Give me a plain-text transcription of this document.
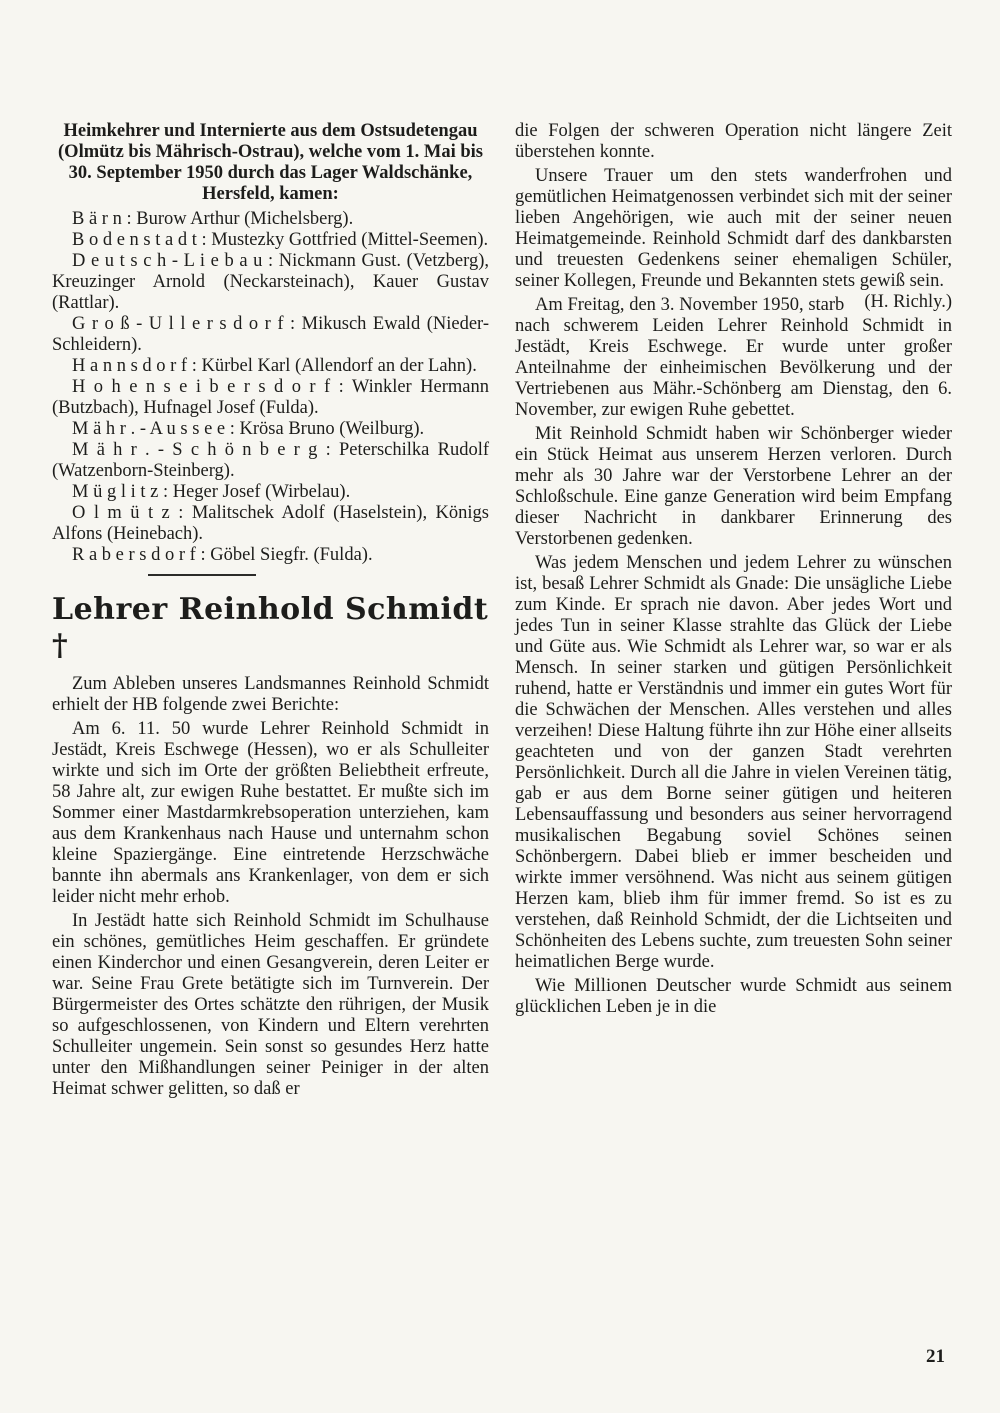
Heimkehrer und Internierte aus dem Ostsudetengau (Olmütz bis Mährisch-Ostrau), welche vom 1. Mai bis 30. September 1950 durch das Lager Waldschänke, Hersfeld, kamen:

B ä r n : Burow Arthur (Michelsberg).

B o d e n s t a d t : Mustezky Gottfried (Mittel-Seemen).

D e u t s c h - L i e b a u : Nickmann Gust. (Vetzberg), Kreuzinger Arnold (Neckarsteinach), Kauer Gustav (Rattlar).

G r o ß - U l l e r s d o r f : Mikusch Ewald (Nieder-Schleidern).

H a n n s d o r f : Kürbel Karl (Allendorf an der Lahn).

H o h e n s e i b e r s d o r f : Winkler Hermann (Butzbach), Hufnagel Josef (Fulda).

M ä h r . - A u s s e e : Krösa Bruno (Weilburg).

M ä h r . - S c h ö n b e r g : Peterschilka Rudolf (Watzenborn-Steinberg).

M ü g l i t z : Heger Josef (Wirbelau).

O l m ü t z : Malitschek Adolf (Haselstein), Königs Alfons (Heinebach).

R a b e r s d o r f : Göbel Siegfr. (Fulda).

Lehrer Reinhold Schmidt †

Zum Ableben unseres Landsmannes Reinhold Schmidt erhielt der HB folgende zwei Berichte:

Am 6. 11. 50 wurde Lehrer Reinhold Schmidt in Jestädt, Kreis Eschwege (Hessen), wo er als Schulleiter wirkte und sich im Orte der größten Beliebtheit erfreute, 58 Jahre alt, zur ewigen Ruhe bestattet. Er mußte sich im Sommer einer Mastdarmkrebsoperation unterziehen, kam aus dem Krankenhaus nach Hause und unternahm schon kleine Spaziergänge. Eine eintretende Herzschwäche bannte ihn abermals ans Krankenlager, von dem er sich leider nicht mehr erhob.

In Jestädt hatte sich Reinhold Schmidt im Schulhause ein schönes, gemütliches Heim geschaffen. Er gründete einen Kinderchor und einen Gesangverein, deren Leiter er war. Seine Frau Grete betätigte sich im Turnverein. Der Bürgermeister des Ortes schätzte den rührigen, der Musik so aufgeschlossenen, von Kindern und Eltern verehrten Schulleiter ungemein. Sein sonst so gesundes Herz hatte unter den Mißhandlungen seiner Peiniger in der alten Heimat schwer gelitten, so daß er

die Folgen der schweren Operation nicht längere Zeit überstehen konnte.

Unsere Trauer um den stets wanderfrohen und gemütlichen Heimatgenossen verbindet sich mit der seiner lieben Angehörigen, wie auch mit der seiner neuen Heimatgemeinde. Reinhold Schmidt darf des dankbarsten und treuesten Gedenkens seiner ehemaligen Schüler, seiner Kollegen, Freunde und Bekannten stets gewiß sein.
(H. Richly.)

Am Freitag, den 3. November 1950, starb nach schwerem Leiden Lehrer Reinhold Schmidt in Jestädt, Kreis Eschwege. Er wurde unter großer Anteilnahme der einheimischen Bevölkerung und der Vertriebenen aus Mähr.-Schönberg am Dienstag, den 6. November, zur ewigen Ruhe gebettet.

Mit Reinhold Schmidt haben wir Schönberger wieder ein Stück Heimat aus unserem Herzen verloren. Durch mehr als 30 Jahre war der Verstorbene Lehrer an der Schloßschule. Eine ganze Generation wird beim Empfang dieser Nachricht in dankbarer Erinnerung des Verstorbenen gedenken.

Was jedem Menschen und jedem Lehrer zu wünschen ist, besaß Lehrer Schmidt als Gnade: Die unsägliche Liebe zum Kinde. Er sprach nie davon. Aber jedes Wort und jedes Tun in seiner Klasse strahlte das Glück der Liebe und Güte aus. Wie Schmidt als Lehrer war, so war er als Mensch. In seiner starken und gütigen Persönlichkeit ruhend, hatte er Verständnis und immer ein gutes Wort für die Schwächen der Menschen. Alles verstehen und alles verzeihen! Diese Haltung führte ihn zur Höhe einer allseits geachteten und von der ganzen Stadt verehrten Persönlichkeit. Durch all die Jahre in vielen Vereinen tätig, gab er aus dem Borne seiner gütigen und heiteren Lebensauffassung und besonders aus seiner hervorragend musikalischen Begabung soviel Schönes seinen Schönbergern. Dabei blieb er immer bescheiden und wirkte immer versöhnend. Was nicht aus seinem gütigen Herzen kam, blieb ihm für immer fremd. So ist es zu verstehen, daß Reinhold Schmidt, der die Lichtseiten und Schönheiten des Lebens suchte, zum treuesten Sohn seiner heimatlichen Berge wurde.

Wie Millionen Deutscher wurde Schmidt aus seinem glücklichen Leben je in die

21
